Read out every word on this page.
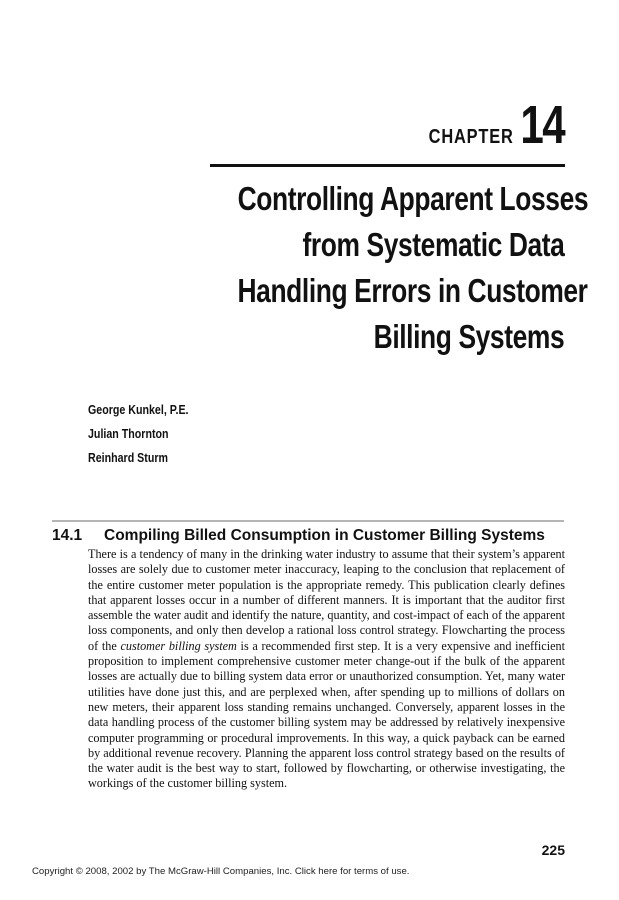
CHAPTER 14
Controlling Apparent Losses
from Systematic Data
Handling Errors in Customer
Billing Systems
George Kunkel, P.E.
Julian Thornton
Reinhard Sturm
14.1 Compiling Billed Consumption in Customer Billing Systems

There is a tendency of many in the drinking water industry to assume that their system’s apparent losses are solely due to customer meter inaccuracy, leaping to the conclusion that replacement of the entire customer meter population is the appropriate remedy. This publication clearly defines that apparent losses occur in a number of different manners. It is important that the auditor first assemble the water audit and identify the nature, quantity, and cost-impact of each of the apparent loss components, and only then develop a rational loss control strategy. Flowcharting the process of the customer billing system is a recommended first step. It is a very expensive and inefficient proposition to implement comprehensive customer meter change-out if the bulk of the apparent losses are actually due to billing system data error or unauthorized consumption. Yet, many water utilities have done just this, and are perplexed when, after spending up to millions of dollars on new meters, their apparent loss standing remains unchanged. Conversely, apparent losses in the data handling process of the customer billing system may be addressed by relatively inexpensive computer programming or procedural improvements. In this way, a quick payback can be earned by additional revenue recovery. Planning the apparent loss control strategy based on the results of the water audit is the best way to start, followed by flowcharting, or otherwise investigating, the workings of the customer billing system.

225
Copyright © 2008, 2002 by The McGraw-Hill Companies, Inc. Click here for terms of use.
